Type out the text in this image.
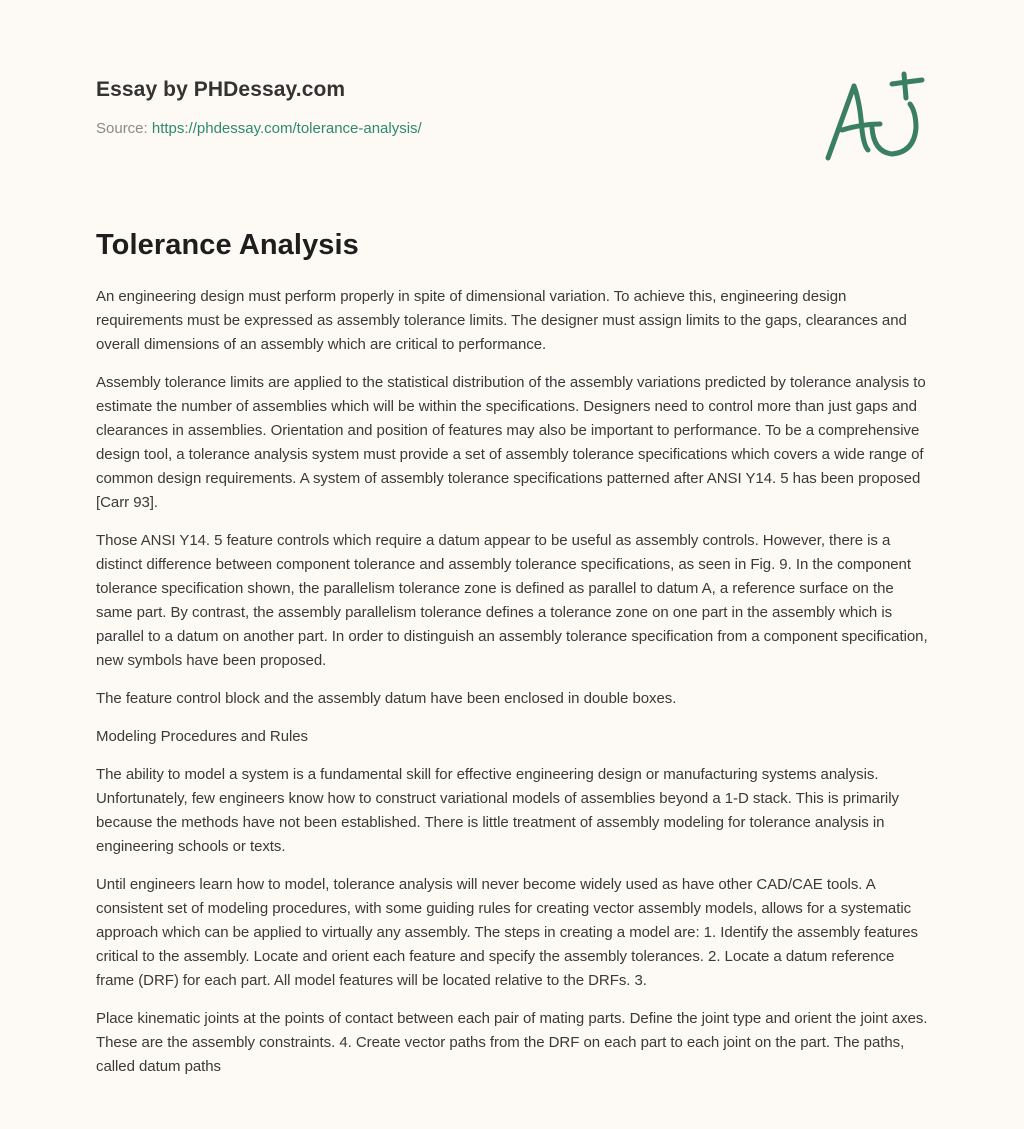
Essay by PHDessay.com
Source: https://phdessay.com/tolerance-analysis/
Tolerance Analysis

An engineering design must perform properly in spite of dimensional variation. To achieve this, engineering design requirements must be expressed as assembly tolerance limits. The designer must assign limits to the gaps, clearances and overall dimensions of an assembly which are critical to performance.

Assembly tolerance limits are applied to the statistical distribution of the assembly variations predicted by tolerance analysis to estimate the number of assemblies which will be within the specifications. Designers need to control more than just gaps and clearances in assemblies. Orientation and position of features may also be important to performance. To be a comprehensive design tool, a tolerance analysis system must provide a set of assembly tolerance specifications which covers a wide range of common design requirements. A system of assembly tolerance specifications patterned after ANSI Y14. 5 has been proposed [Carr 93].

Those ANSI Y14. 5 feature controls which require a datum appear to be useful as assembly controls. However, there is a distinct difference between component tolerance and assembly tolerance specifications, as seen in Fig. 9. In the component tolerance specification shown, the parallelism tolerance zone is defined as parallel to datum A, a reference surface on the same part. By contrast, the assembly parallelism tolerance defines a tolerance zone on one part in the assembly which is parallel to a datum on another part. In order to distinguish an assembly tolerance specification from a component specification, new symbols have been proposed.

The feature control block and the assembly datum have been enclosed in double boxes.

Modeling Procedures and Rules

The ability to model a system is a fundamental skill for effective engineering design or manufacturing systems analysis. Unfortunately, few engineers know how to construct variational models of assemblies beyond a 1-D stack. This is primarily because the methods have not been established. There is little treatment of assembly modeling for tolerance analysis in engineering schools or texts.

Until engineers learn how to model, tolerance analysis will never become widely used as have other CAD/CAE tools. A consistent set of modeling procedures, with some guiding rules for creating vector assembly models, allows for a systematic approach which can be applied to virtually any assembly. The steps in creating a model are: 1. Identify the assembly features critical to the assembly. Locate and orient each feature and specify the assembly tolerances. 2. Locate a datum reference frame (DRF) for each part. All model features will be located relative to the DRFs. 3.

Place kinematic joints at the points of contact between each pair of mating parts. Define the joint type and orient the joint axes. These are the assembly constraints. 4. Create vector paths from the DRF on each part to each joint on the part. The paths, called datum paths
